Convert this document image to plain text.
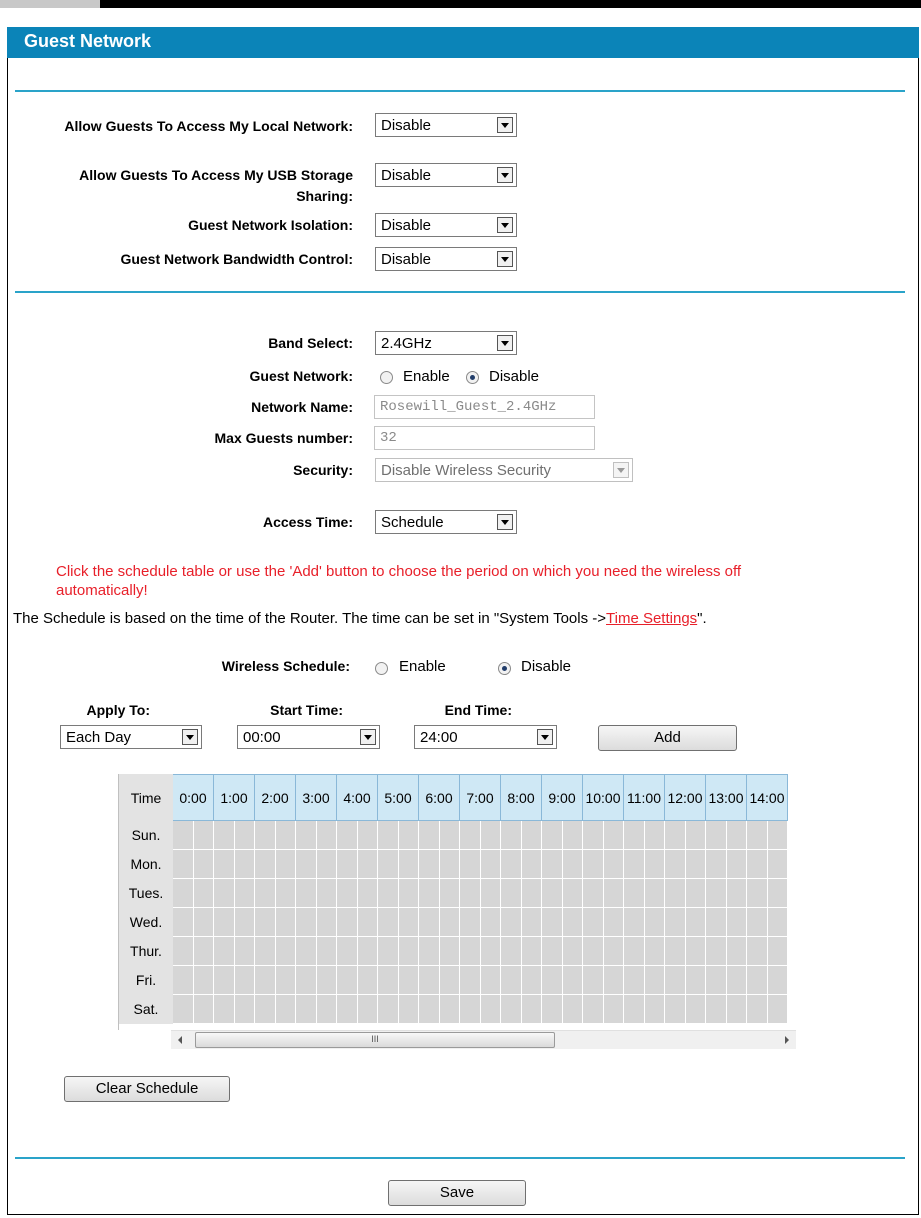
Guest Network
Allow Guests To Access My Local Network:	Disable
Allow Guests To Access My USB Storage Sharing:
Disable
Guest Network Isolation:	Disable
Guest Network Bandwidth Control:	Disable
Band Select:	2.4GHz
Guest Network:	Enable	Disable
Network Name:	Rosewill_Guest_2.4GHz
Max Guests number:	32
Security:	Disable Wireless Security
Access Time:	Schedule
Click the schedule table or use the 'Add' button to choose the period on which you need the wireless off automatically!
The Schedule is based on the time of the Router. The time can be set in "System Tools ->Time Settings".
Wireless Schedule:	Enable	Disable
Apply To:	Start Time:	End Time:
Each Day	00:00	24:00	Add
Time	0:00		1:00		2:00		3:00		4:00		5:00		6:00		7:00		8:00		9:00		10:00		11:00		12:00		13:00		14:00	
Sun.																														
Mon.																														
Tues.																														
Wed.																														
Thur.																														
Fri.																														
Sat.																														
III
Clear Schedule
Save
